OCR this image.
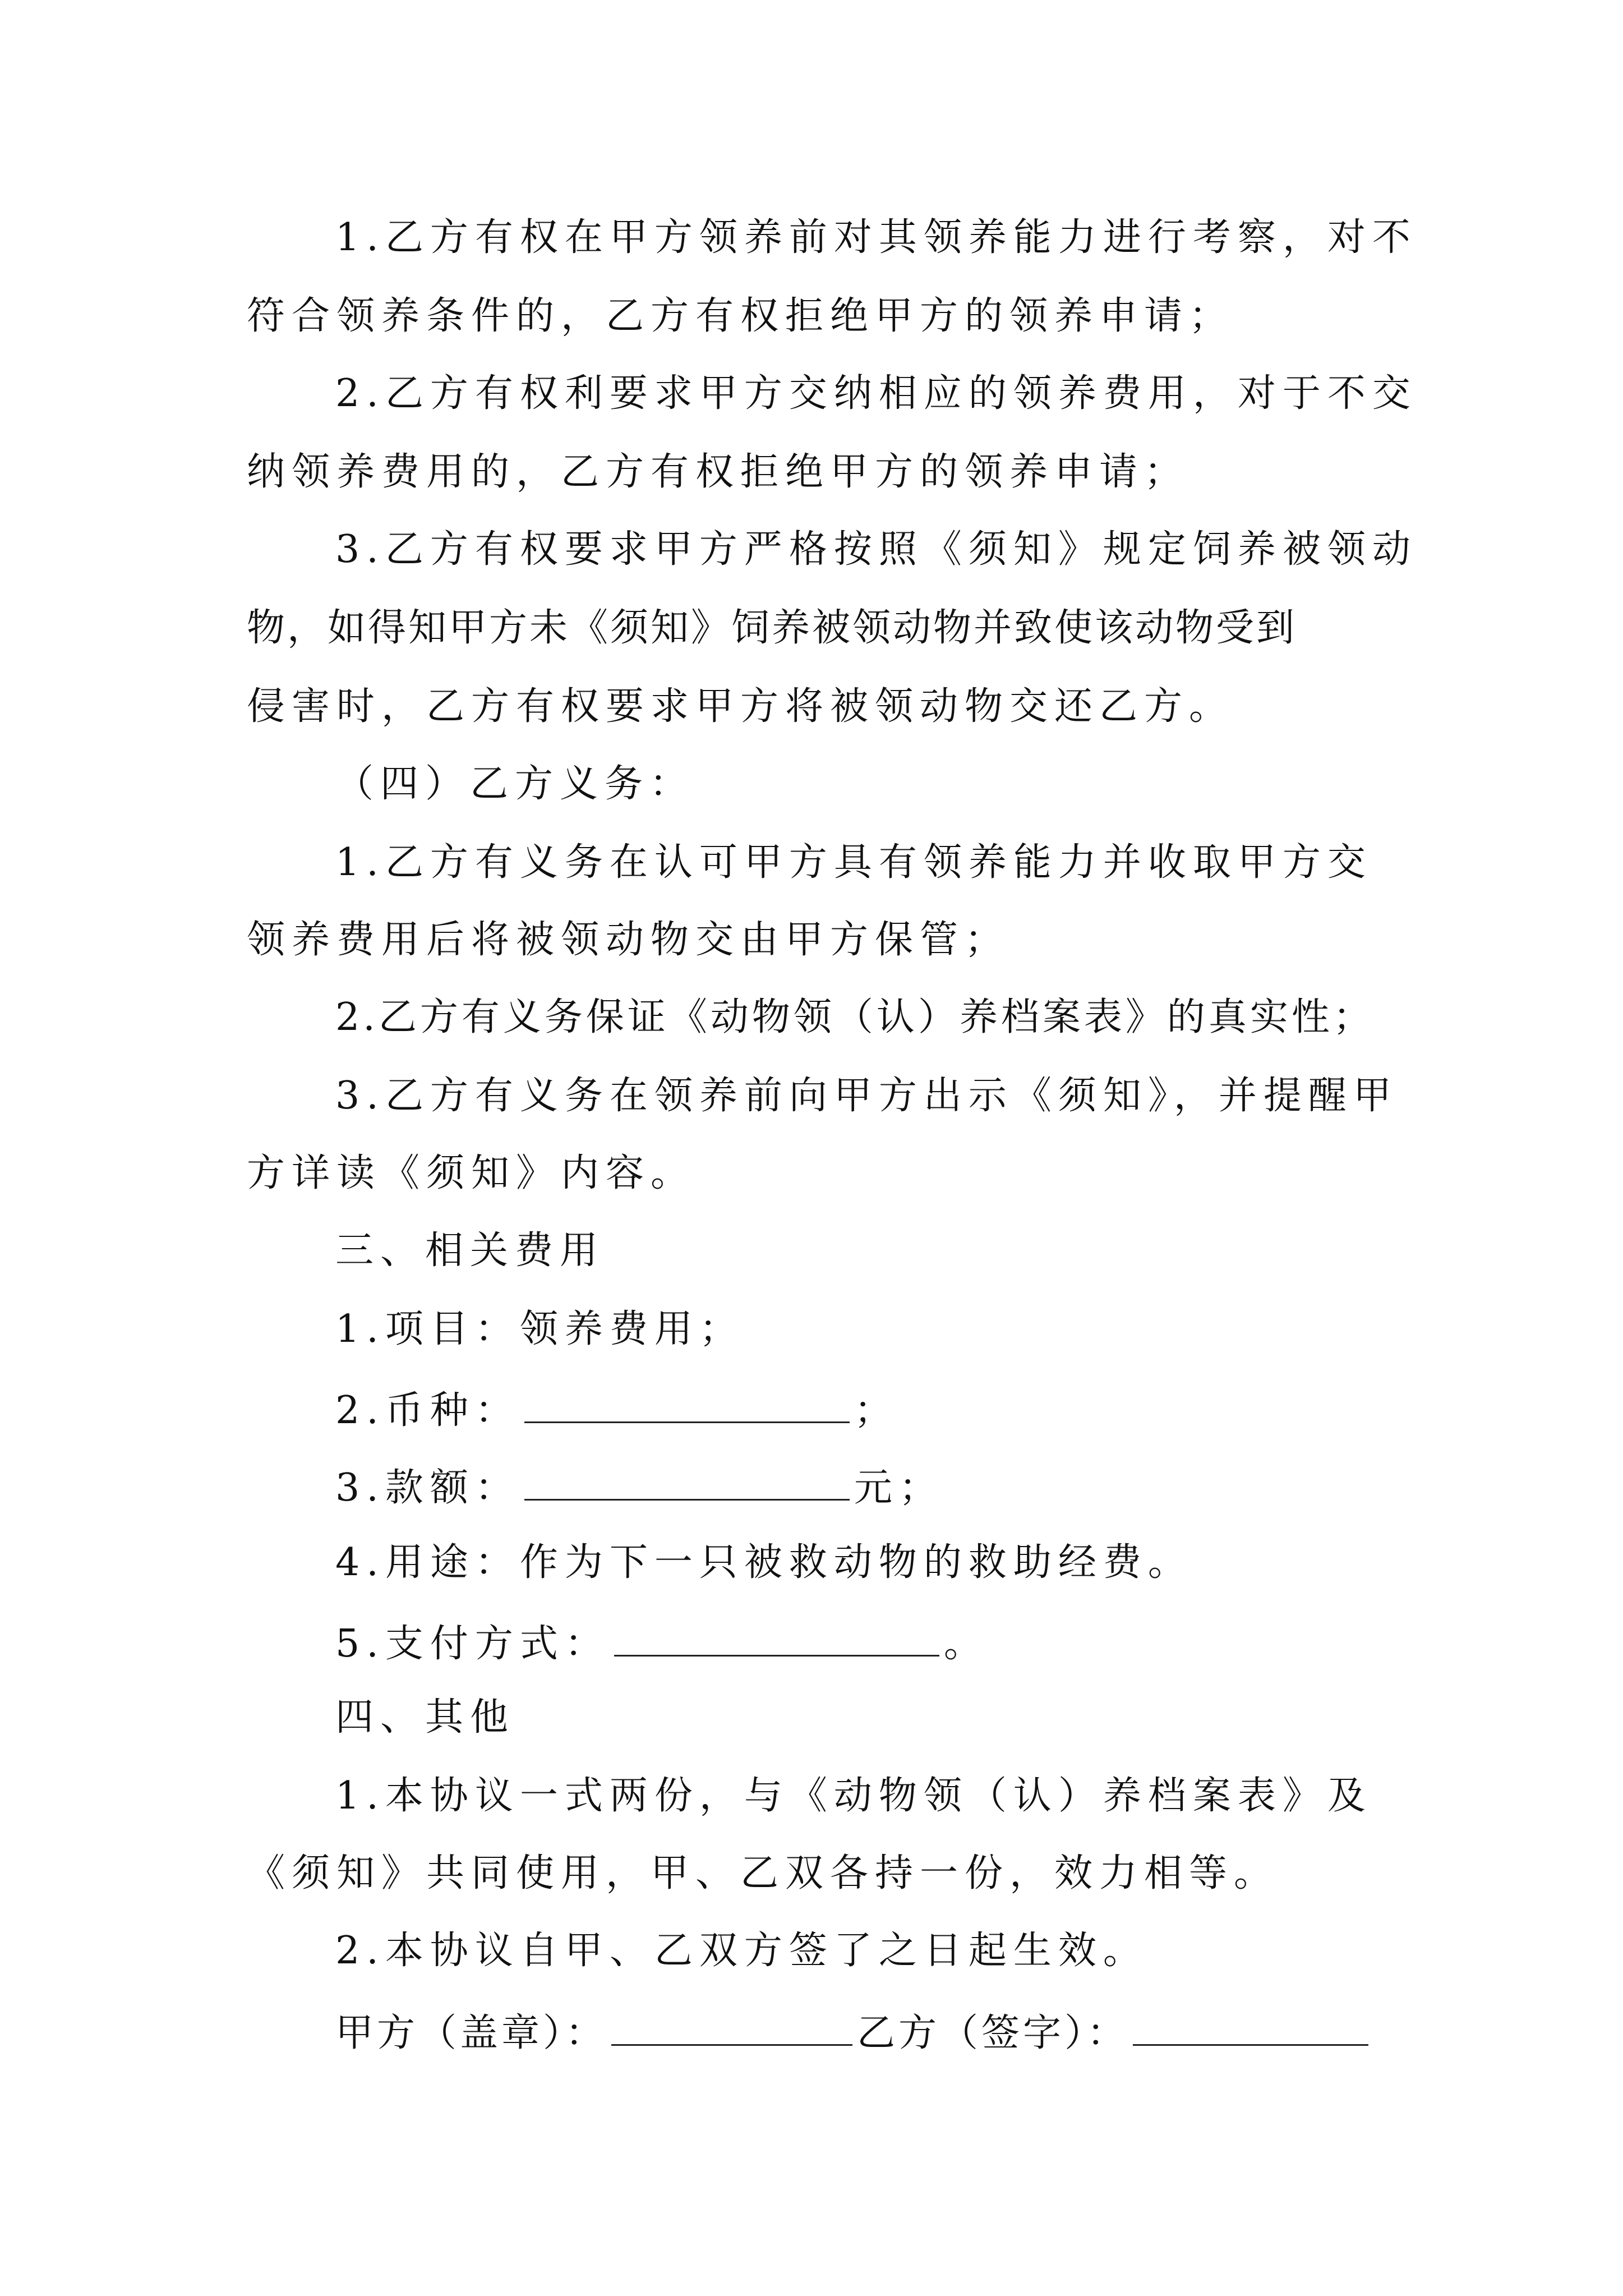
1.乙方有权在甲方领养前对其领养能力进行考察，对不
符合领养条件的，乙方有权拒绝甲方的领养申请；
2.乙方有权利要求甲方交纳相应的领养费用，对于不交
纳领养费用的，乙方有权拒绝甲方的领养申请；
3.乙方有权要求甲方严格按照《须知》规定饲养被领动
物，如得知甲方未《须知》饲养被领动物并致使该动物受到
侵害时，乙方有权要求甲方将被领动物交还乙方。
（四）乙方义务：
1.乙方有义务在认可甲方具有领养能力并收取甲方交
领养费用后将被领动物交由甲方保管；
2.乙方有义务保证《动物领（认）养档案表》的真实性；
3.乙方有义务在领养前向甲方出示《须知》，并提醒甲
方详读《须知》内容。
三、相关费用
1.项目：领养费用；
2.币种：	；
3.款额：	元；
4.用途：作为下一只被救动物的救助经费。
5.支付方式：	。
四、其他
1.本协议一式两份，与《动物领（认）养档案表》及
《须知》共同使用，甲、乙双各持一份，效力相等。
2.本协议自甲、乙双方签了之日起生效。
甲方（盖章）：	乙方（签字）：
